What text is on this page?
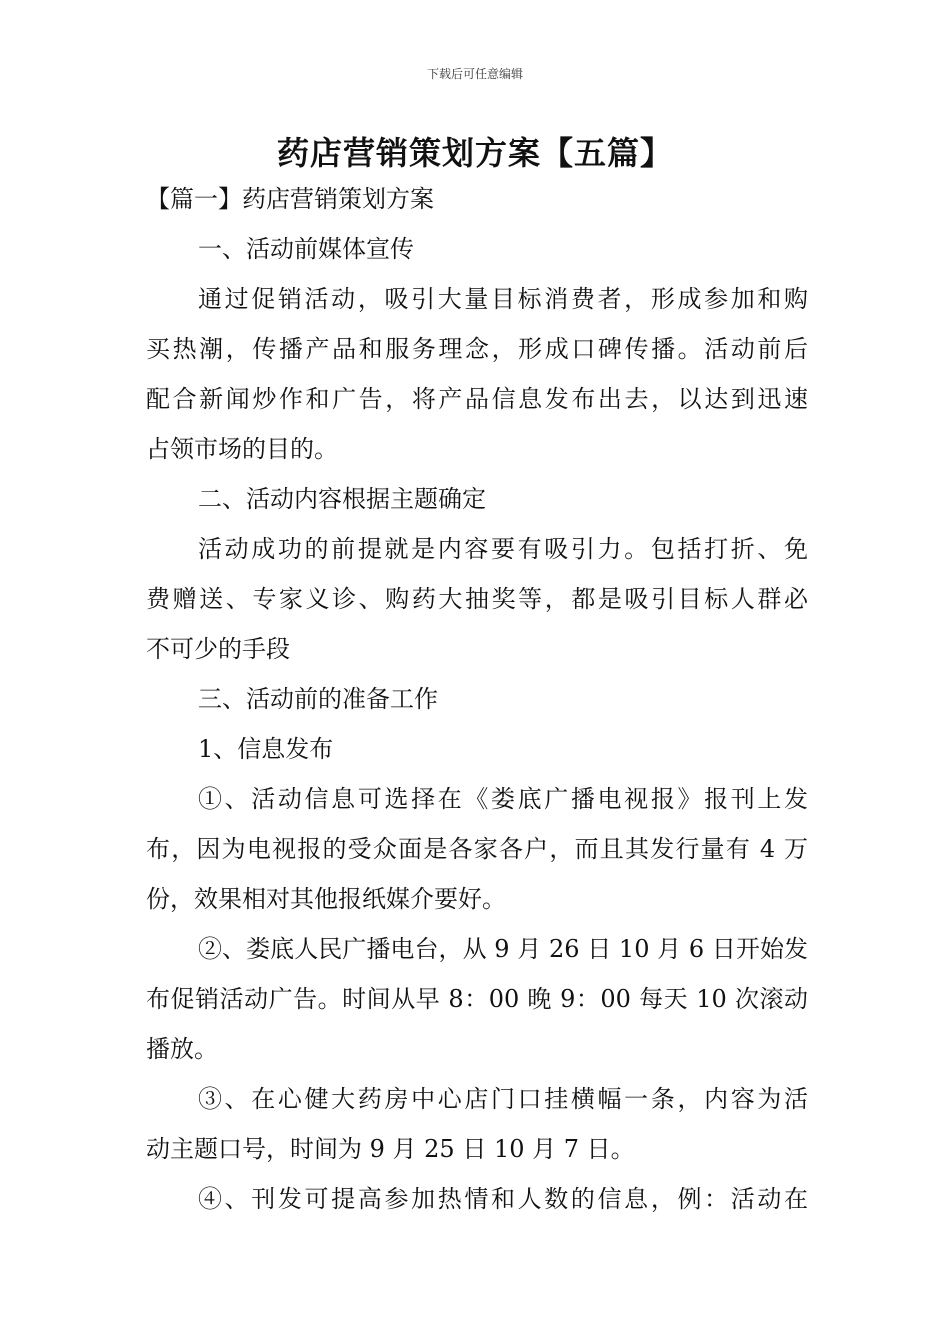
下载后可任意编辑
药店营销策划方案【五篇】
【篇一】药店营销策划方案
一、活动前媒体宣传
通过促销活动，吸引大量目标消费者，形成参加和购
买热潮，传播产品和服务理念，形成口碑传播。活动前后
配合新闻炒作和广告，将产品信息发布出去，以达到迅速
占领市场的目的。
二、活动内容根据主题确定
活动成功的前提就是内容要有吸引力。包括打折、免
费赠送、专家义诊、购药大抽奖等，都是吸引目标人群必
不可少的手段
三、活动前的准备工作
1、信息发布
①、活动信息可选择在《娄底广播电视报》报刊上发
布，因为电视报的受众面是各家各户，而且其发行量有 4 万
份，效果相对其他报纸媒介要好。
②、娄底人民广播电台，从 9 月 26 日 10 月 6 日开始发
布促销活动广告。时间从早 8：00 晚 9：00 每天 10 次滚动
播放。
③、在心健大药房中心店门口挂横幅一条，内容为活
动主题口号，时间为 9 月 25 日 10 月 7 日。
④、刊发可提高参加热情和人数的信息，例：活动在
